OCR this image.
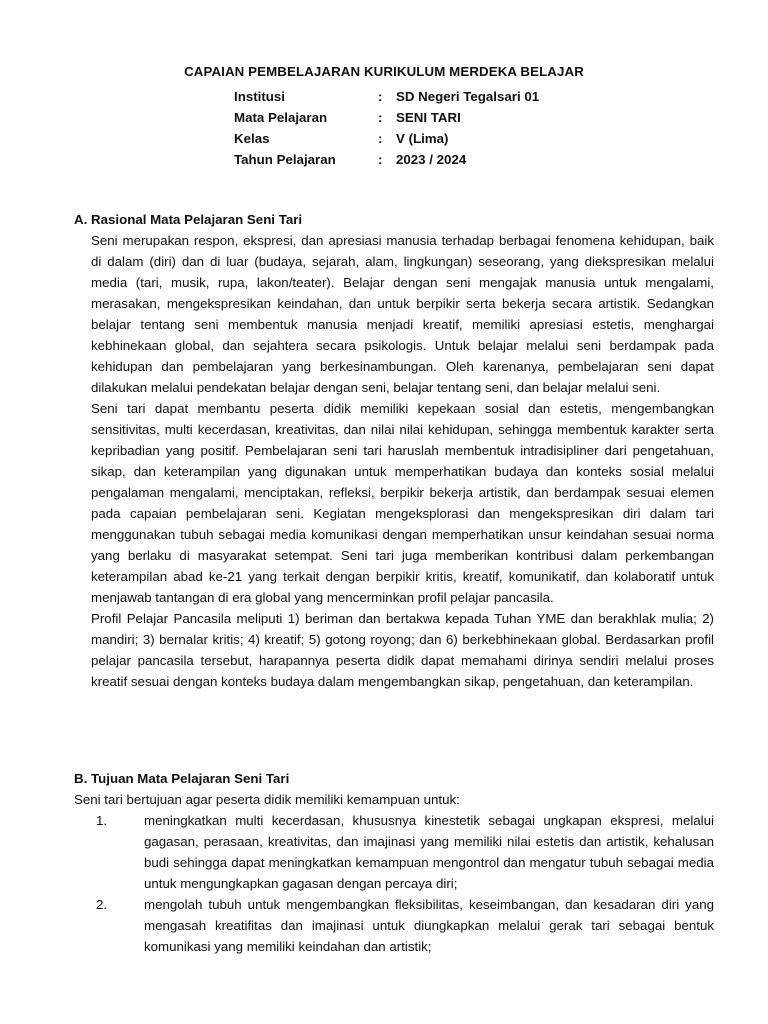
CAPAIAN PEMBELAJARAN KURIKULUM MERDEKA BELAJAR
Institusi	:	SD Negeri Tegalsari 01
Mata Pelajaran	:	SENI TARI
Kelas	:	V (Lima)
Tahun Pelajaran	:	2023 / 2024
A. Rasional Mata Pelajaran Seni Tari

Seni merupakan respon, ekspresi, dan apresiasi manusia terhadap berbagai fenomena kehidupan, baik di dalam (diri) dan di luar (budaya, sejarah, alam, lingkungan) seseorang, yang diekspresikan melalui media (tari, musik, rupa, lakon/teater). Belajar dengan seni mengajak manusia untuk mengalami, merasakan, mengekspresikan keindahan, dan untuk berpikir serta bekerja secara artistik. Sedangkan belajar tentang seni membentuk manusia menjadi kreatif, memiliki apresiasi estetis, menghargai kebhinekaan global, dan sejahtera secara psikologis. Untuk belajar melalui seni berdampak pada kehidupan dan pembelajaran yang berkesinambungan. Oleh karenanya, pembelajaran seni dapat dilakukan melalui pendekatan belajar dengan seni, belajar tentang seni, dan belajar melalui seni.

Seni tari dapat membantu peserta didik memiliki kepekaan sosial dan estetis, mengembangkan sensitivitas, multi kecerdasan, kreativitas, dan nilai nilai kehidupan, sehingga membentuk karakter serta kepribadian yang positif. Pembelajaran seni tari haruslah membentuk intradisipliner dari pengetahuan, sikap, dan keterampilan yang digunakan untuk memperhatikan budaya dan konteks sosial melalui pengalaman mengalami, menciptakan, refleksi, berpikir bekerja artistik, dan berdampak sesuai elemen pada capaian pembelajaran seni. Kegiatan mengeksplorasi dan mengekspresikan diri dalam tari menggunakan tubuh sebagai media komunikasi dengan memperhatikan unsur keindahan sesuai norma yang berlaku di masyarakat setempat. Seni tari juga memberikan kontribusi dalam perkembangan keterampilan abad ke-21 yang terkait dengan berpikir kritis, kreatif, komunikatif, dan kolaboratif untuk menjawab tantangan di era global yang mencerminkan profil pelajar pancasila.

Profil Pelajar Pancasila meliputi 1) beriman dan bertakwa kepada Tuhan YME dan berakhlak mulia; 2) mandiri; 3) bernalar kritis; 4) kreatif; 5) gotong royong; dan 6) berkebhinekaan global. Berdasarkan profil pelajar pancasila tersebut, harapannya peserta didik dapat memahami dirinya sendiri melalui proses kreatif sesuai dengan konteks budaya dalam mengembangkan sikap, pengetahuan, dan keterampilan.

B. Tujuan Mata Pelajaran Seni Tari

Seni tari bertujuan agar peserta didik memiliki kemampuan untuk:

1.	meningkatkan multi kecerdasan, khususnya kinestetik sebagai ungkapan ekspresi, melalui gagasan, perasaan, kreativitas, dan imajinasi yang memiliki nilai estetis dan artistik, kehalusan budi sehingga dapat meningkatkan kemampuan mengontrol dan mengatur tubuh sebagai media untuk mengungkapkan gagasan dengan percaya diri;
2.	mengolah tubuh untuk mengembangkan fleksibilitas, keseimbangan, dan kesadaran diri yang mengasah kreatifitas dan imajinasi untuk diungkapkan melalui gerak tari sebagai bentuk komunikasi yang memiliki keindahan dan artistik;
